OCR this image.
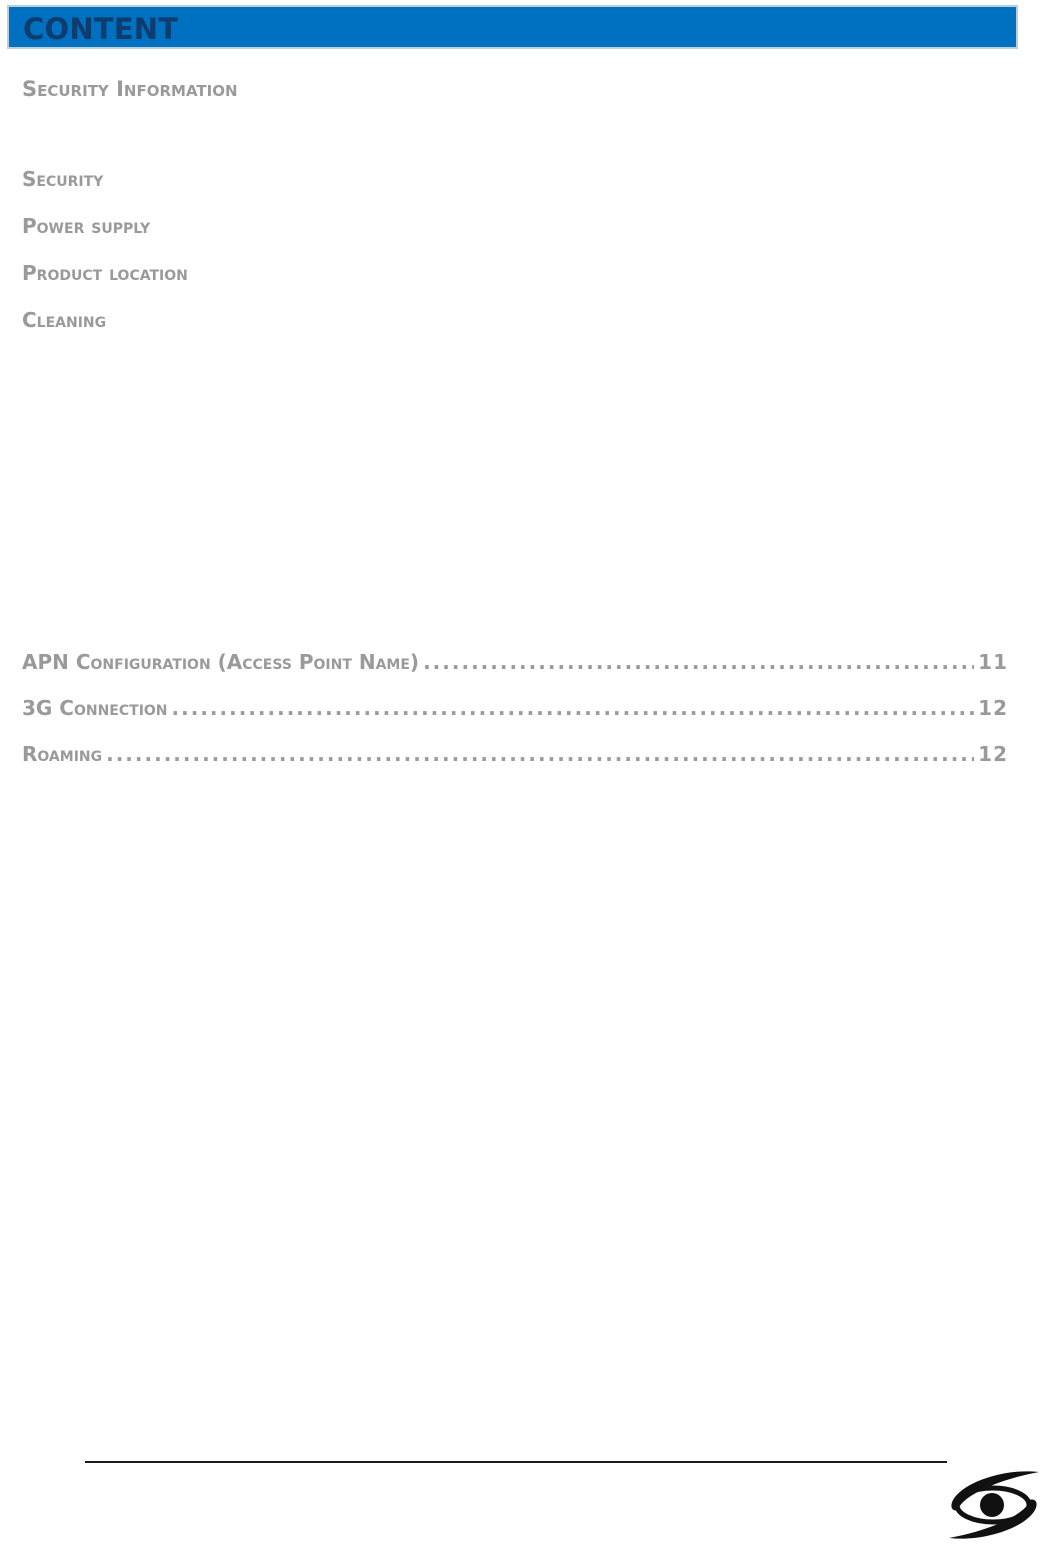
CONTENT
Security Information
Security
Power supply
Product location
Cleaning
APN Configuration (Access Point Name) .....	11
3G Connection .....	12
Roaming .....	12
